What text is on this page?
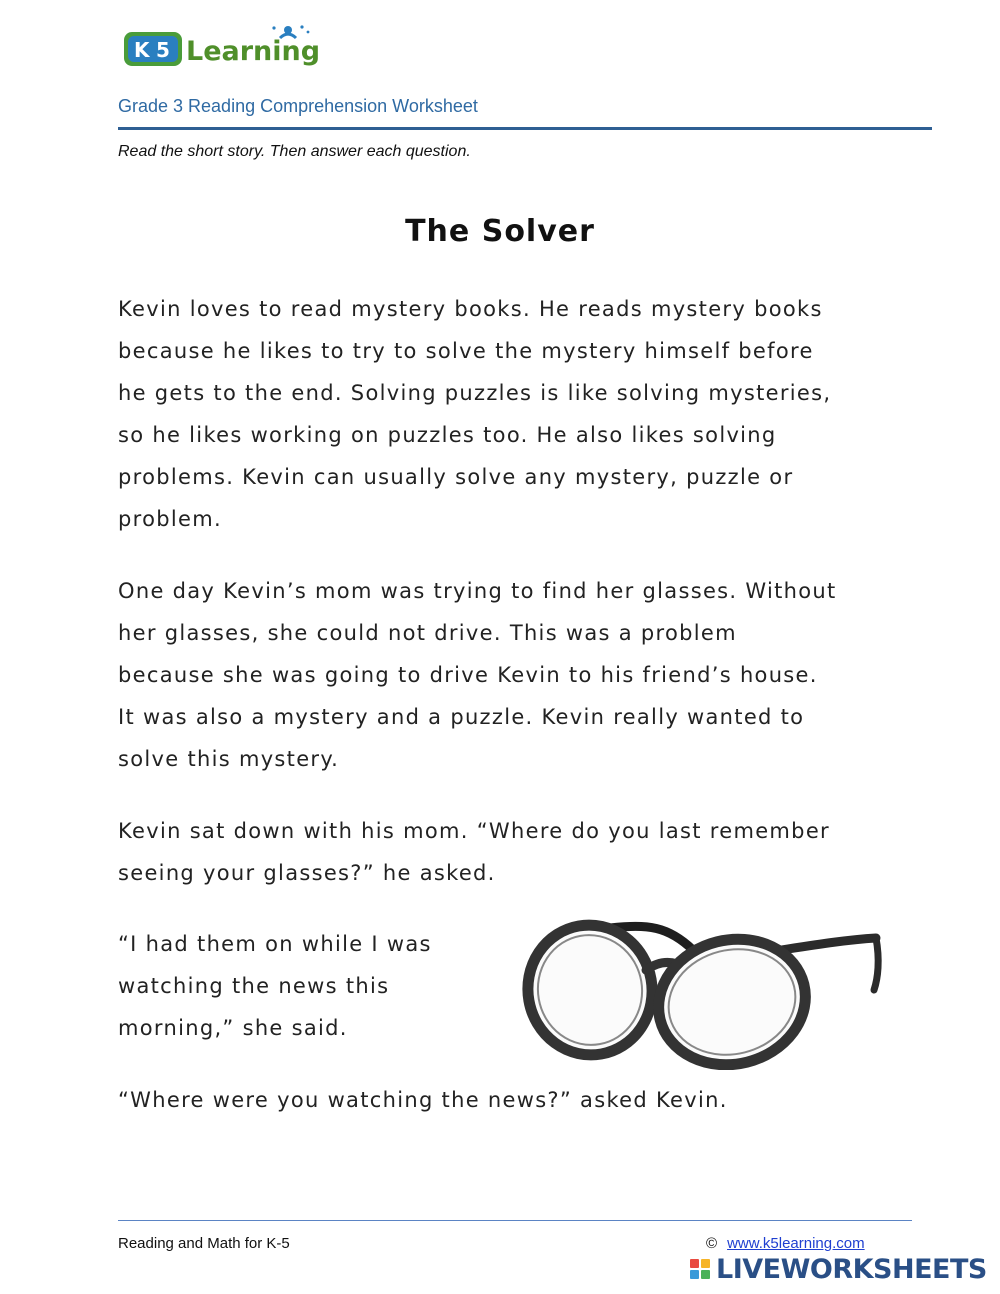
K 5 Learning
Grade 3 Reading Comprehension Worksheet
Read the short story. Then answer each question.
The Solver

Kevin loves to read mystery books. He reads mystery books
because he likes to try to solve the mystery himself before
he gets to the end. Solving puzzles is like solving mysteries,
so he likes working on puzzles too. He also likes solving
problems. Kevin can usually solve any mystery, puzzle or
problem.

One day Kevin’s mom was trying to find her glasses. Without
her glasses, she could not drive. This was a problem
because she was going to drive Kevin to his friend’s house.
It was also a mystery and a puzzle. Kevin really wanted to
solve this mystery.

Kevin sat down with his mom. “Where do you last remember
seeing your glasses?” he asked.

“I had them on while I was
watching the news this
morning,” she said.

“Where were you watching the news?” asked Kevin.

Reading and Math for K-5	© www.k5learning.com
LIVEWORKSHEETS
